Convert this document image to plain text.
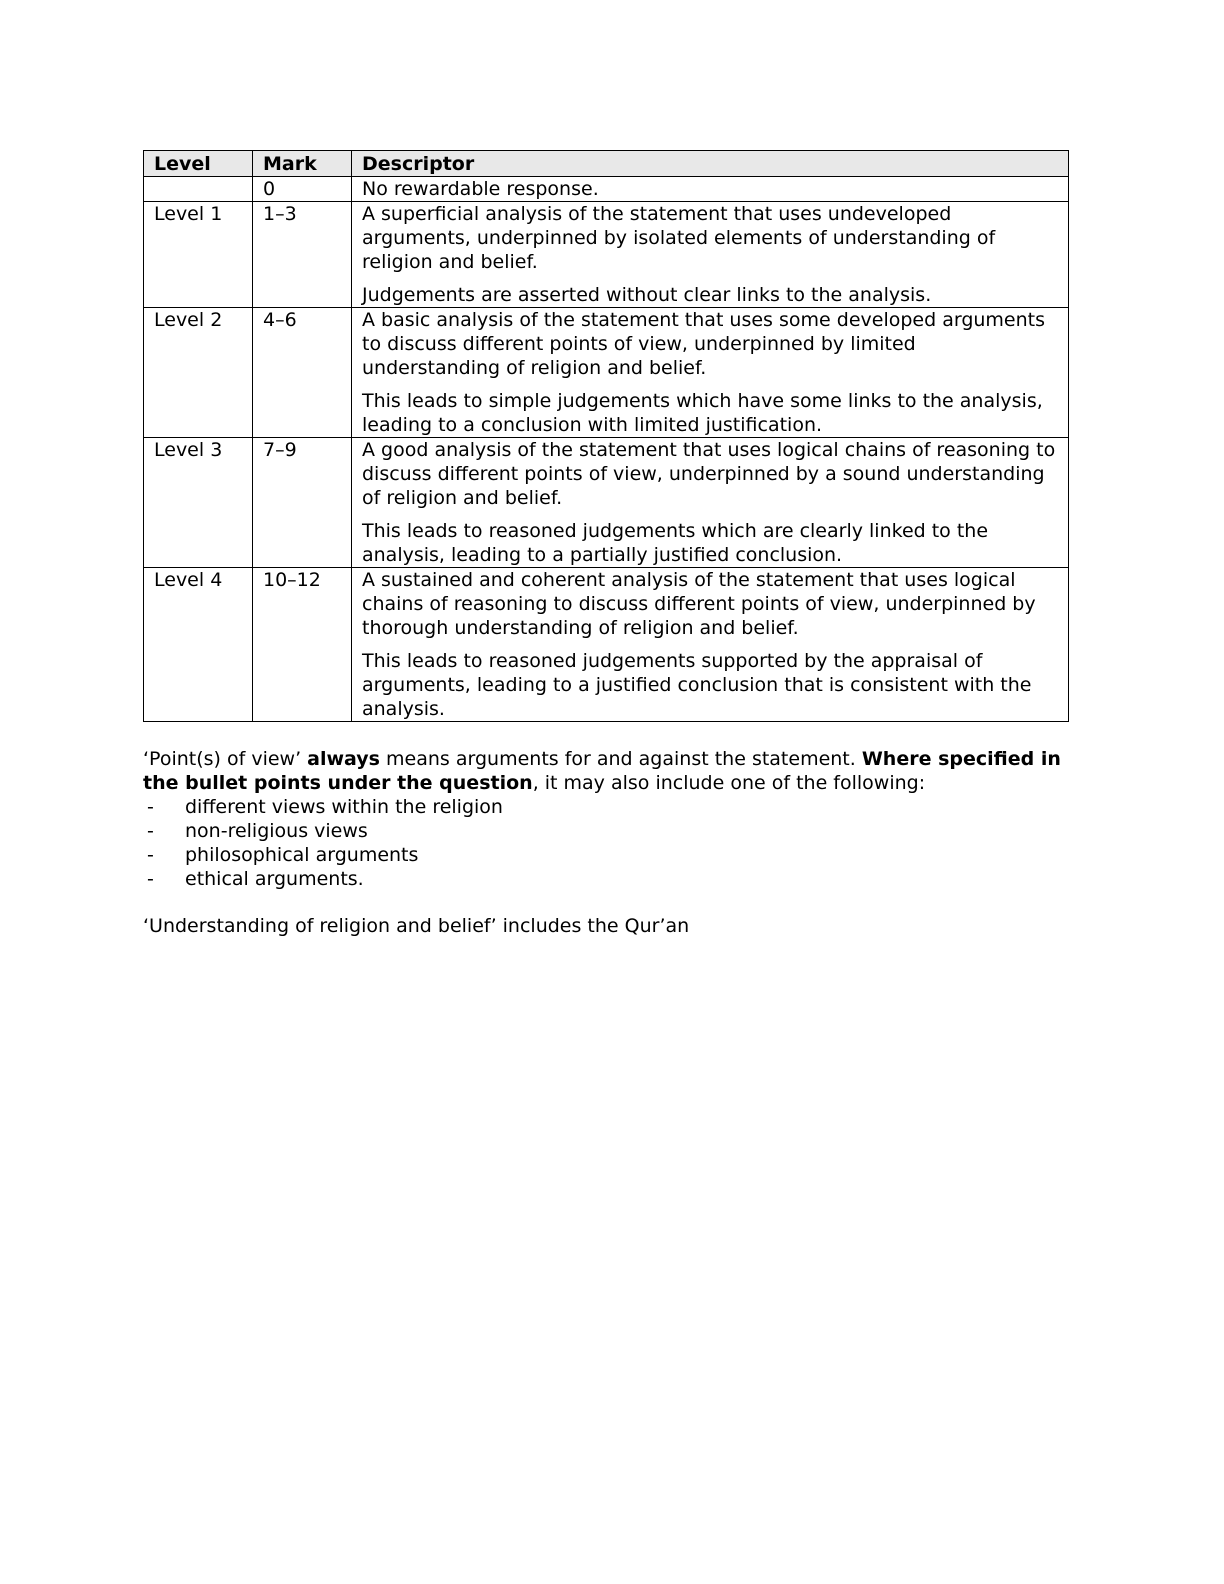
Level	Mark	Descriptor
	0	No rewardable response.

Level 1	1–3	A superficial analysis of the statement that uses undeveloped arguments, underpinned by isolated elements of understanding of religion and belief.

Judgements are asserted without clear links to the analysis.

Level 2	4–6	A basic analysis of the statement that uses some developed arguments to discuss different points of view, underpinned by limited understanding of religion and belief.

This leads to simple judgements which have some links to the analysis, leading to a conclusion with limited justification.

Level 3	7–9	A good analysis of the statement that uses logical chains of reasoning to discuss different points of view, underpinned by a sound understanding of religion and belief.

This leads to reasoned judgements which are clearly linked to the analysis, leading to a partially justified conclusion.

Level 4	10–12	A sustained and coherent analysis of the statement that uses logical chains of reasoning to discuss different points of view, underpinned by thorough understanding of religion and belief.

This leads to reasoned judgements supported by the appraisal of arguments, leading to a justified conclusion that is consistent with the analysis.

‘Point(s) of view’ always means arguments for and against the statement. Where specified in the bullet points under the question, it may also include one of the following:

- different views within the religion
- non-religious views
- philosophical arguments
- ethical arguments.

‘Understanding of religion and belief’ includes the Qur’an
